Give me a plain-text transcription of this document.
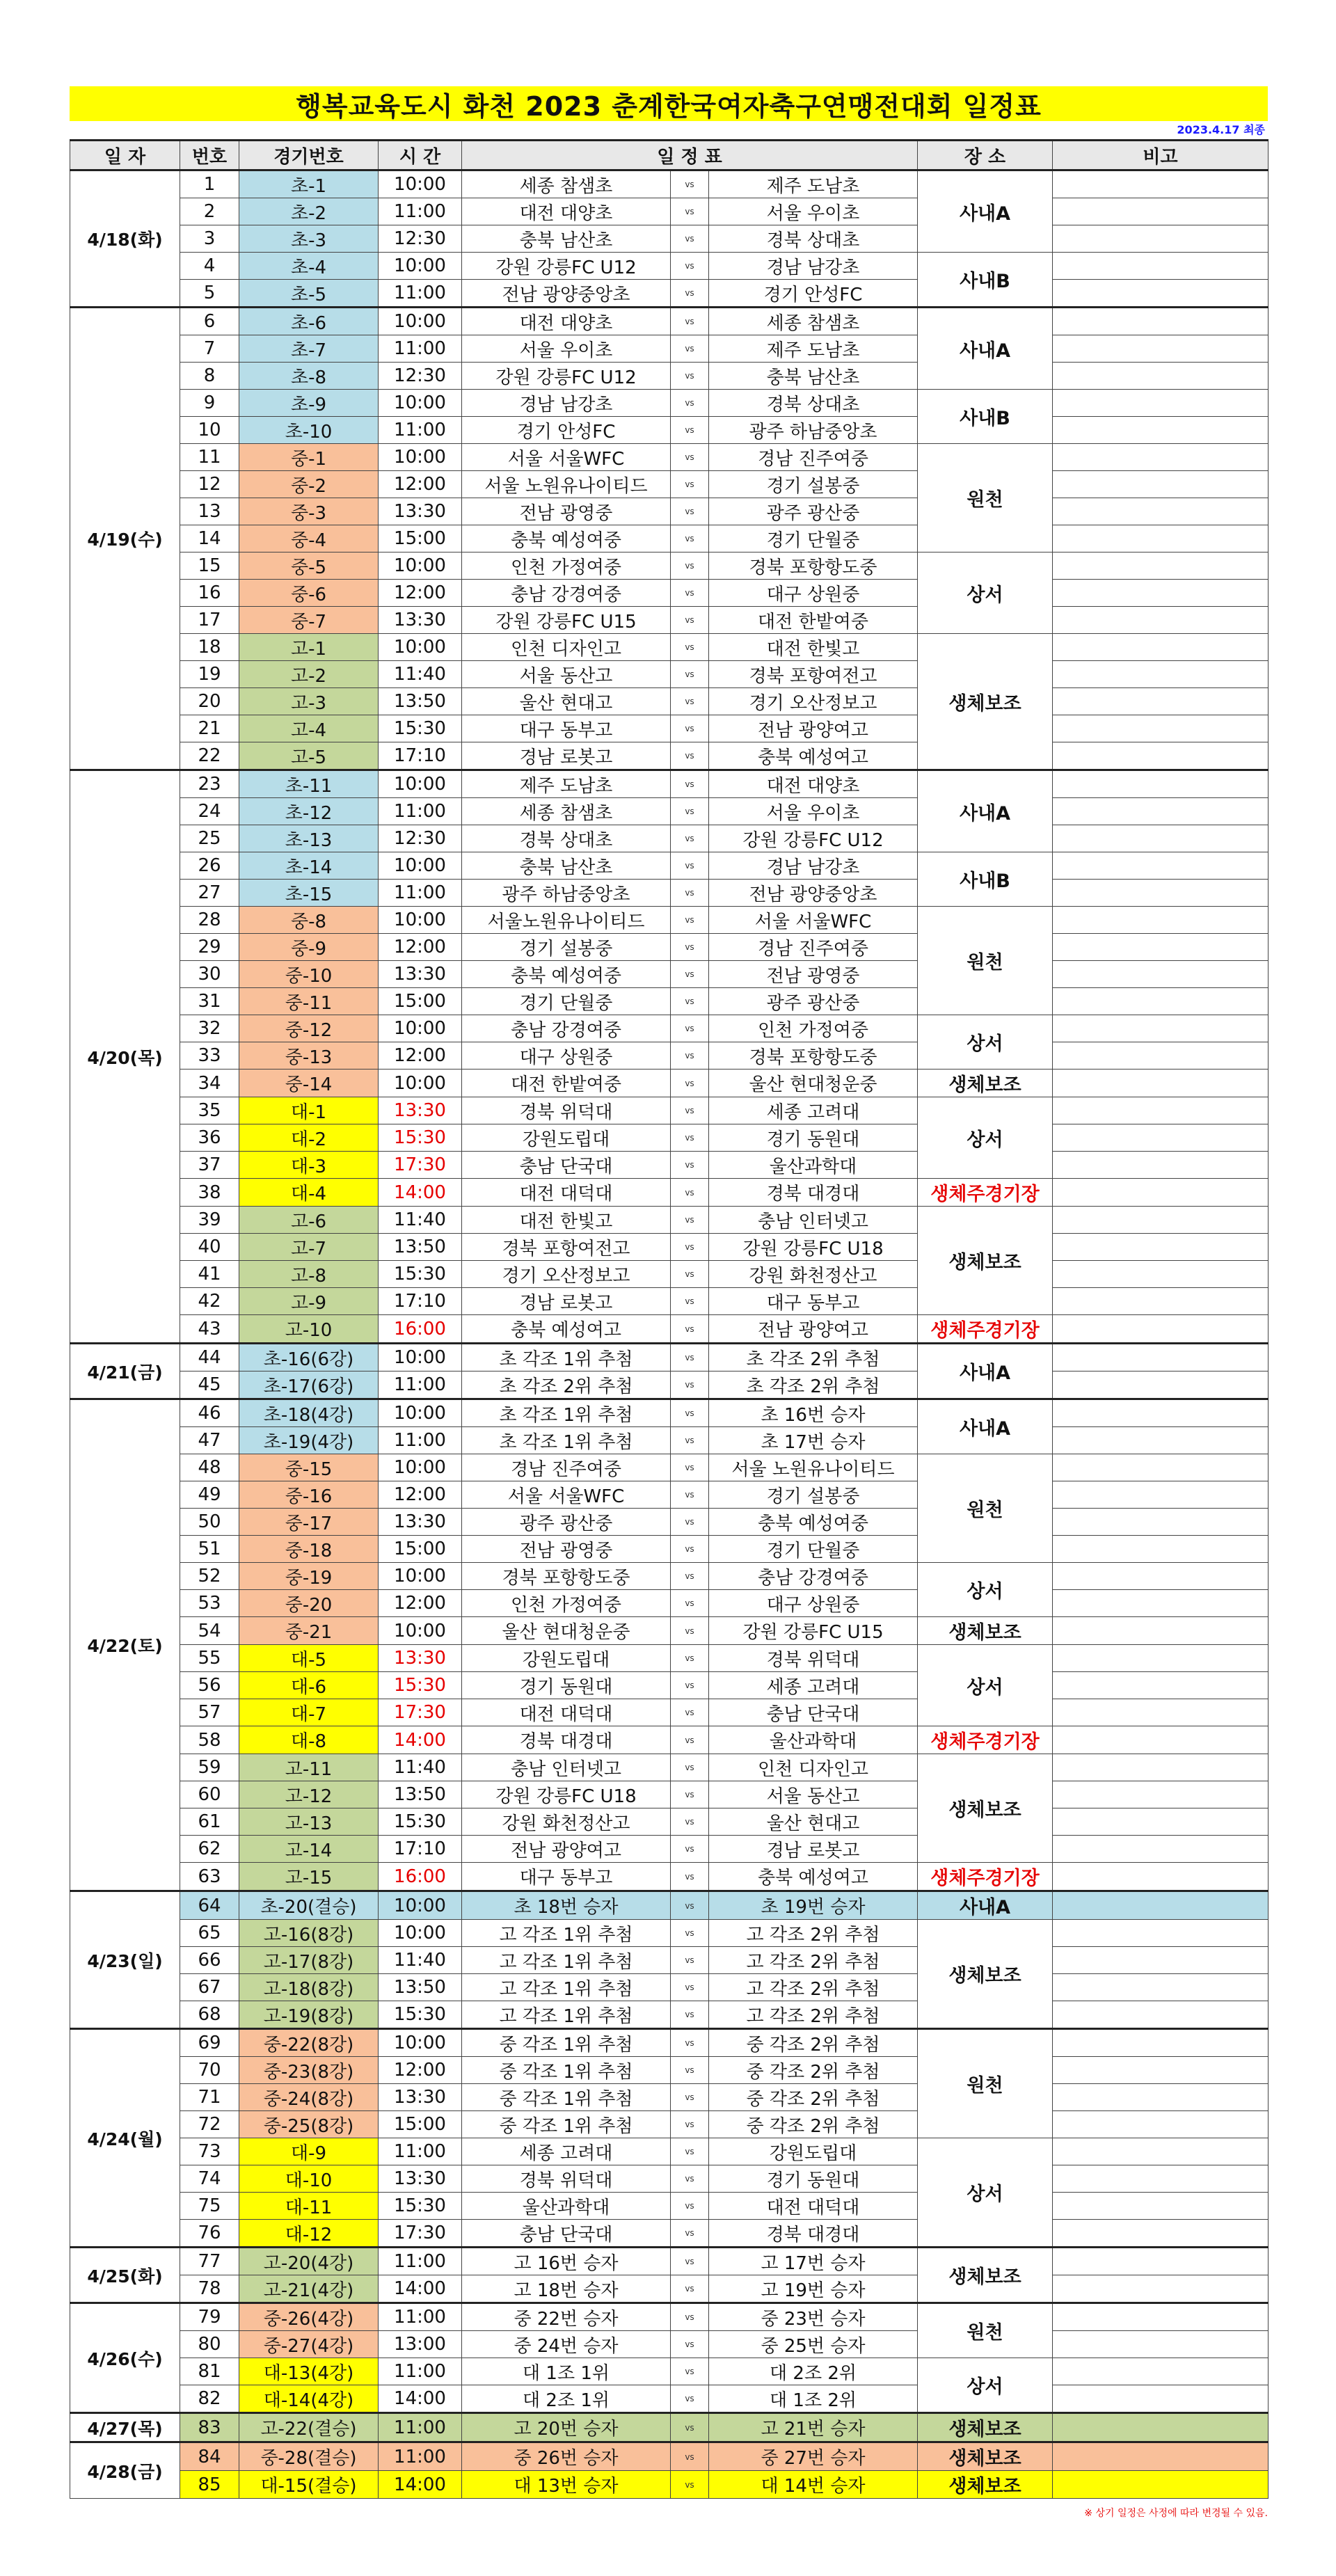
행복교육도시 화천 2023 춘계한국여자축구연맹전대회 일정표
2023.4.17 최종
일 자	번호	경기번호	시 간	일 정 표			장 소	비고
4/18(화)	1	초-1	10:00	세종 참샘초	vs	제주 도남초	사내A	
	2	초-2	11:00	대전 대양초	vs	서울 우이초		
	3	초-3	12:30	충북 남산초	vs	경북 상대초		
	4	초-4	10:00	강원 강릉FC U12	vs	경남 남강초	사내B	
	5	초-5	11:00	전남 광양중앙초	vs	경기 안성FC		
4/19(수)	6	초-6	10:00	대전 대양초	vs	세종 참샘초	사내A	
	7	초-7	11:00	서울 우이초	vs	제주 도남초		
	8	초-8	12:30	강원 강릉FC U12	vs	충북 남산초		
	9	초-9	10:00	경남 남강초	vs	경북 상대초	사내B	
	10	초-10	11:00	경기 안성FC	vs	광주 하남중앙초		
	11	중-1	10:00	서울 서울WFC	vs	경남 진주여중	원천	
	12	중-2	12:00	서울 노원유나이티드	vs	경기 설봉중		
	13	중-3	13:30	전남 광영중	vs	광주 광산중		
	14	중-4	15:00	충북 예성여중	vs	경기 단월중		
	15	중-5	10:00	인천 가정여중	vs	경북 포항항도중	상서	
	16	중-6	12:00	충남 강경여중	vs	대구 상원중		
	17	중-7	13:30	강원 강릉FC U15	vs	대전 한밭여중		
	18	고-1	10:00	인천 디자인고	vs	대전 한빛고	생체보조	
	19	고-2	11:40	서울 동산고	vs	경북 포항여전고		
	20	고-3	13:50	울산 현대고	vs	경기 오산정보고		
	21	고-4	15:30	대구 동부고	vs	전남 광양여고		
	22	고-5	17:10	경남 로봇고	vs	충북 예성여고		
4/20(목)	23	초-11	10:00	제주 도남초	vs	대전 대양초	사내A	
	24	초-12	11:00	세종 참샘초	vs	서울 우이초		
	25	초-13	12:30	경북 상대초	vs	강원 강릉FC U12		
	26	초-14	10:00	충북 남산초	vs	경남 남강초	사내B	
	27	초-15	11:00	광주 하남중앙초	vs	전남 광양중앙초		
	28	중-8	10:00	서울노원유나이티드	vs	서울 서울WFC	원천	
	29	중-9	12:00	경기 설봉중	vs	경남 진주여중		
	30	중-10	13:30	충북 예성여중	vs	전남 광영중		
	31	중-11	15:00	경기 단월중	vs	광주 광산중		
	32	중-12	10:00	충남 강경여중	vs	인천 가정여중	상서	
	33	중-13	12:00	대구 상원중	vs	경북 포항항도중		
	34	중-14	10:00	대전 한밭여중	vs	울산 현대청운중	생체보조	
	35	대-1	13:30	경북 위덕대	vs	세종 고려대	상서	
	36	대-2	15:30	강원도립대	vs	경기 동원대		
	37	대-3	17:30	충남 단국대	vs	울산과학대		
	38	대-4	14:00	대전 대덕대	vs	경북 대경대	생체주경기장	
	39	고-6	11:40	대전 한빛고	vs	충남 인터넷고	생체보조	
	40	고-7	13:50	경북 포항여전고	vs	강원 강릉FC U18		
	41	고-8	15:30	경기 오산정보고	vs	강원 화천정산고		
	42	고-9	17:10	경남 로봇고	vs	대구 동부고		
	43	고-10	16:00	충북 예성여고	vs	전남 광양여고	생체주경기장	
4/21(금)	44	초-16(6강)	10:00	초 각조 1위 추첨	vs	초 각조 2위 추첨	사내A	
	45	초-17(6강)	11:00	초 각조 2위 추첨	vs	초 각조 2위 추첨		
4/22(토)	46	초-18(4강)	10:00	초 각조 1위 추첨	vs	초 16번 승자	사내A	
	47	초-19(4강)	11:00	초 각조 1위 추첨	vs	초 17번 승자		
	48	중-15	10:00	경남 진주여중	vs	서울 노원유나이티드	원천	
	49	중-16	12:00	서울 서울WFC	vs	경기 설봉중		
	50	중-17	13:30	광주 광산중	vs	충북 예성여중		
	51	중-18	15:00	전남 광영중	vs	경기 단월중		
	52	중-19	10:00	경북 포항항도중	vs	충남 강경여중	상서	
	53	중-20	12:00	인천 가정여중	vs	대구 상원중		
	54	중-21	10:00	울산 현대청운중	vs	강원 강릉FC U15	생체보조	
	55	대-5	13:30	강원도립대	vs	경북 위덕대	상서	
	56	대-6	15:30	경기 동원대	vs	세종 고려대		
	57	대-7	17:30	대전 대덕대	vs	충남 단국대		
	58	대-8	14:00	경북 대경대	vs	울산과학대	생체주경기장	
	59	고-11	11:40	충남 인터넷고	vs	인천 디자인고	생체보조	
	60	고-12	13:50	강원 강릉FC U18	vs	서울 동산고		
	61	고-13	15:30	강원 화천정산고	vs	울산 현대고		
	62	고-14	17:10	전남 광양여고	vs	경남 로봇고		
	63	고-15	16:00	대구 동부고	vs	충북 예성여고	생체주경기장	
4/23(일)	64	초-20(결승)	10:00	초 18번 승자	vs	초 19번 승자	사내A	
	65	고-16(8강)	10:00	고 각조 1위 추첨	vs	고 각조 2위 추첨	생체보조	
	66	고-17(8강)	11:40	고 각조 1위 추첨	vs	고 각조 2위 추첨		
	67	고-18(8강)	13:50	고 각조 1위 추첨	vs	고 각조 2위 추첨		
	68	고-19(8강)	15:30	고 각조 1위 추첨	vs	고 각조 2위 추첨		
4/24(월)	69	중-22(8강)	10:00	중 각조 1위 추첨	vs	중 각조 2위 추첨	원천	
	70	중-23(8강)	12:00	중 각조 1위 추첨	vs	중 각조 2위 추첨		
	71	중-24(8강)	13:30	중 각조 1위 추첨	vs	중 각조 2위 추첨		
	72	중-25(8강)	15:00	중 각조 1위 추첨	vs	중 각조 2위 추첨		
	73	대-9	11:00	세종 고려대	vs	강원도립대	상서	
	74	대-10	13:30	경북 위덕대	vs	경기 동원대		
	75	대-11	15:30	울산과학대	vs	대전 대덕대		
	76	대-12	17:30	충남 단국대	vs	경북 대경대		
4/25(화)	77	고-20(4강)	11:00	고 16번 승자	vs	고 17번 승자	생체보조	
	78	고-21(4강)	14:00	고 18번 승자	vs	고 19번 승자		
4/26(수)	79	중-26(4강)	11:00	중 22번 승자	vs	중 23번 승자	원천	
	80	중-27(4강)	13:00	중 24번 승자	vs	중 25번 승자		
	81	대-13(4강)	11:00	대 1조 1위	vs	대 2조 2위	상서	
	82	대-14(4강)	14:00	대 2조 1위	vs	대 1조 2위		
4/27(목)	83	고-22(결승)	11:00	고 20번 승자	vs	고 21번 승자	생체보조	
4/28(금)	84	중-28(결승)	11:00	중 26번 승자	vs	중 27번 승자	생체보조	
	85	대-15(결승)	14:00	대 13번 승자	vs	대 14번 승자	생체보조	
※ 상기 일정은 사정에 따라 변경될 수 있음.
